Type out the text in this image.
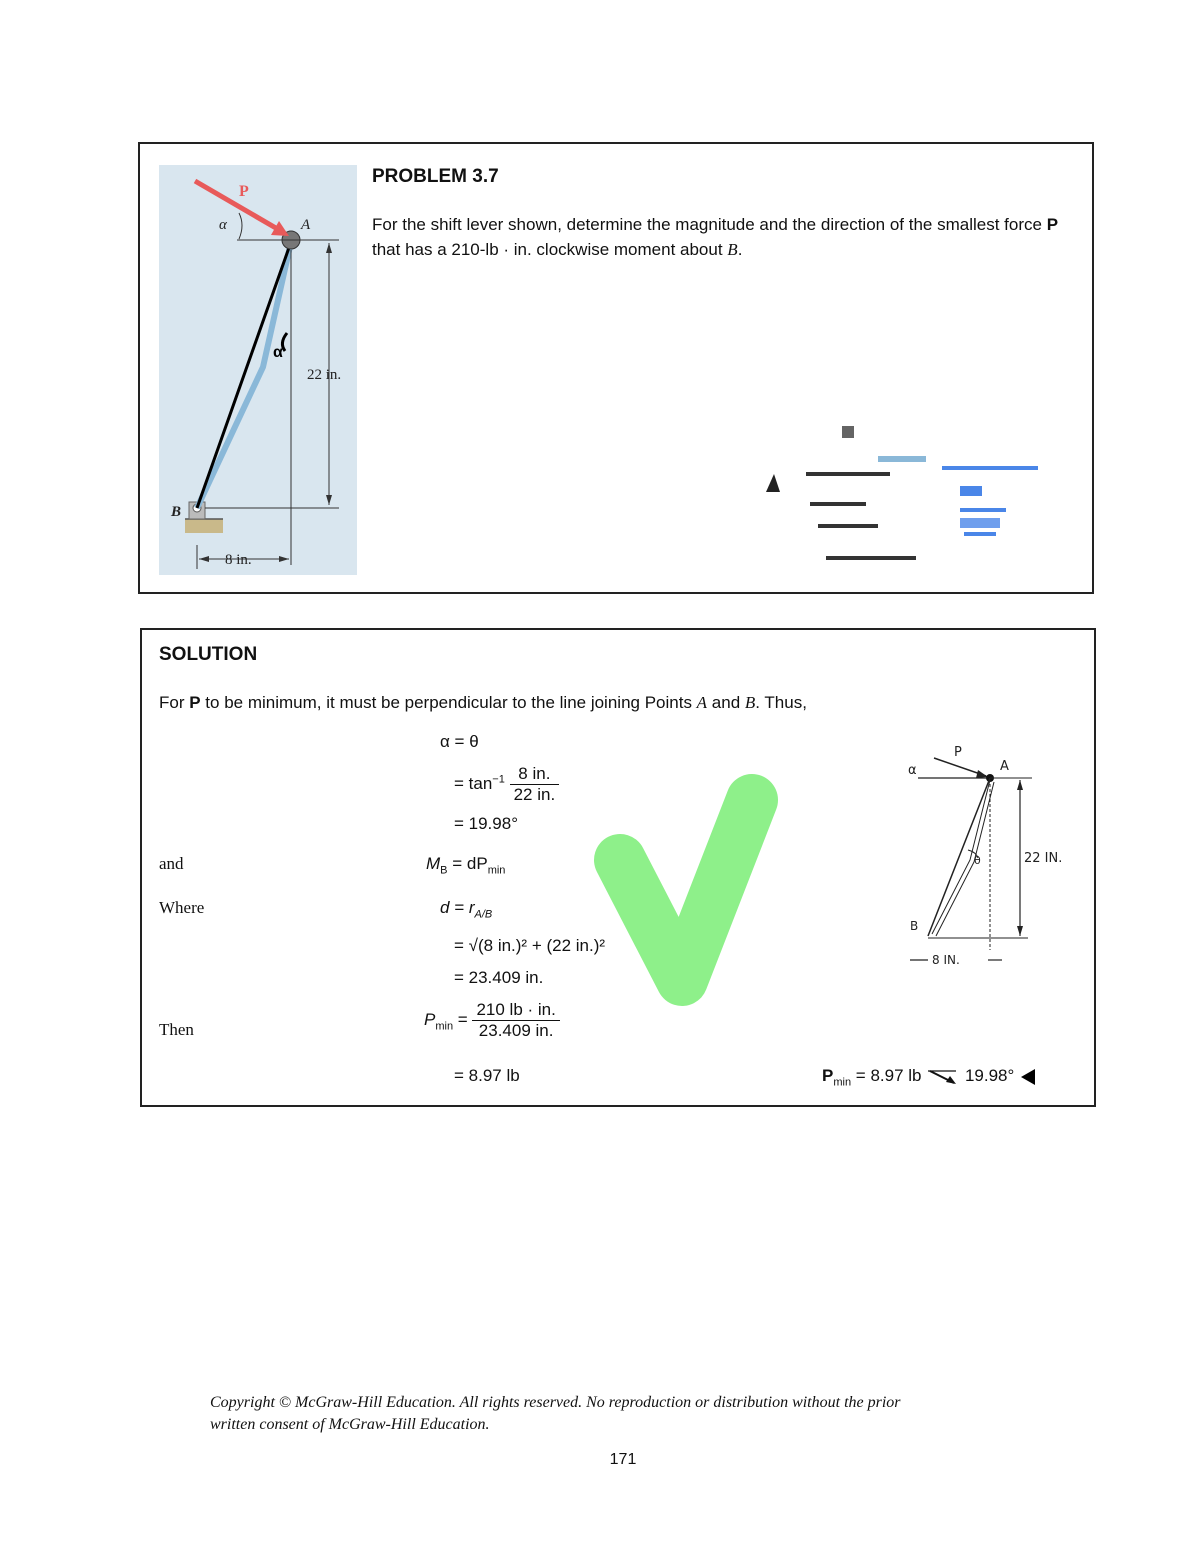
P
α	A
B
22 in.
8 in.
α
PROBLEM 3.7
For the shift lever shown, determine the magnitude and the direction of the smallest force P that has a 210-lb · in. clockwise moment about B.
SOLUTION
For P to be minimum, it must be perpendicular to the line joining Points A and B. Thus,
α = θ
= $\tan^{-1} \frac{8 in.}{22 in.}$
= 19.98°
and	$M_B = dP_{min}$
Where	$d = r_{A/B}$
= √(8 in.)² + (22 in.)²
= 23.409 in.
Then
$P_{min} = \frac{210 lb \cdot in.}{23.409 in.}$
= 8.97 lb	$P_{min} = 8.97$ lb	19.98°
α
P
A
θ	22 IN.
B
8 IN.
Copyright © McGraw-Hill Education. All rights reserved. No reproduction or distribution without the prior
written consent of McGraw-Hill Education.
171
